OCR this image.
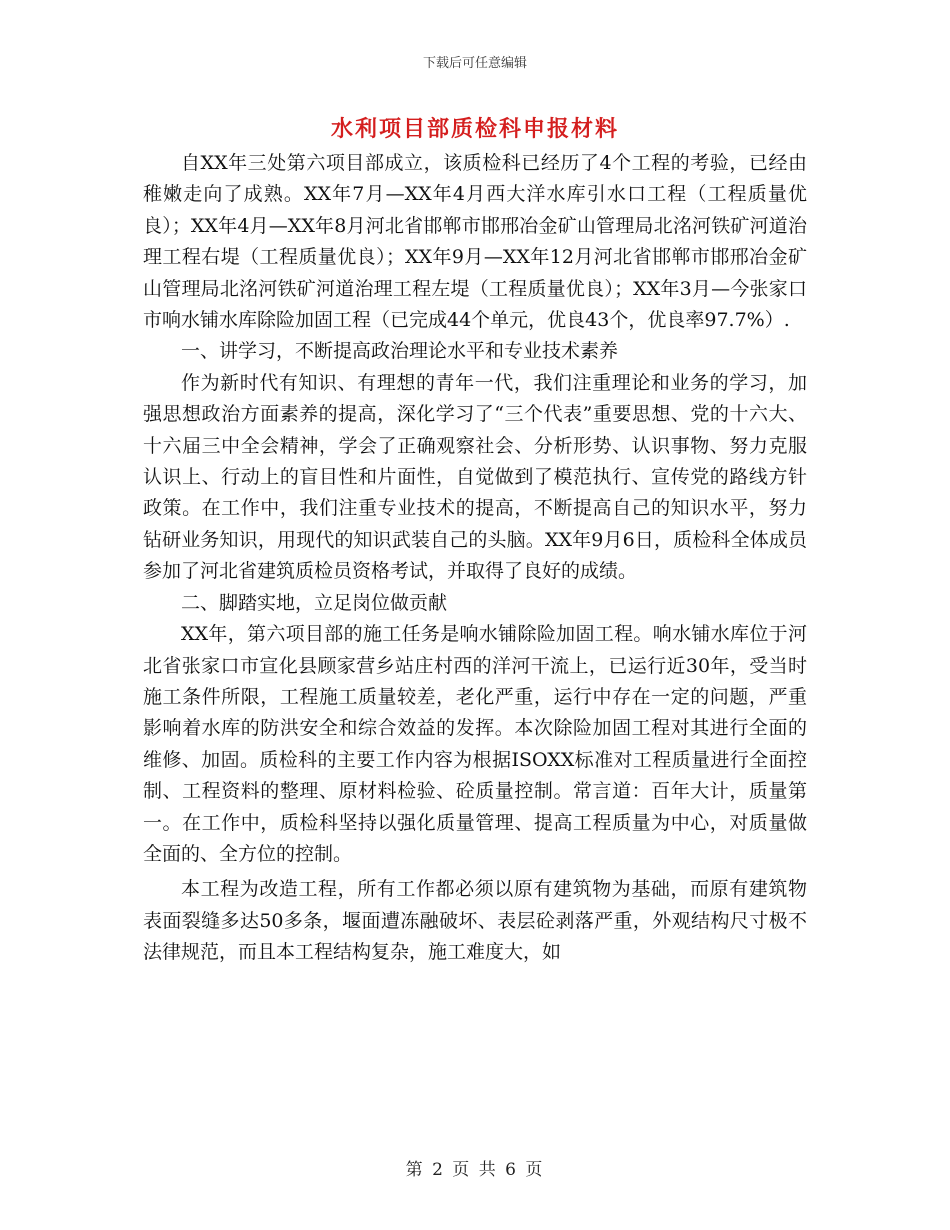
下载后可任意编辑
水利项目部质检科申报材料

自XX年三处第六项目部成立，该质检科已经历了4个工程的考验，已经由稚嫩走向了成熟。XX年7月—XX年4月西大洋水库引水口工程（工程质量优良）；XX年4月—XX年8月河北省邯郸市邯邢冶金矿山管理局北洺河铁矿河道治理工程右堤（工程质量优良）；XX年9月—XX年12月河北省邯郸市邯邢冶金矿山管理局北洺河铁矿河道治理工程左堤（工程质量优良）；XX年3月—今张家口市响水铺水库除险加固工程（已完成44个单元，优良43个，优良率97.7%）.

一、讲学习，不断提高政治理论水平和专业技术素养

作为新时代有知识、有理想的青年一代，我们注重理论和业务的学习，加强思想政治方面素养的提高，深化学习了“三个代表”重要思想、党的十六大、十六届三中全会精神，学会了正确观察社会、分析形势、认识事物、努力克服认识上、行动上的盲目性和片面性，自觉做到了模范执行、宣传党的路线方针政策。在工作中，我们注重专业技术的提高，不断提高自己的知识水平，努力钻研业务知识，用现代的知识武装自己的头脑。XX年9月6日，质检科全体成员参加了河北省建筑质检员资格考试，并取得了良好的成绩。

二、脚踏实地，立足岗位做贡献

XX年，第六项目部的施工任务是响水铺除险加固工程。响水铺水库位于河北省张家口市宣化县顾家营乡站庄村西的洋河干流上，已运行近30年，受当时施工条件所限，工程施工质量较差，老化严重，运行中存在一定的问题，严重影响着水库的防洪安全和综合效益的发挥。本次除险加固工程对其进行全面的维修、加固。质检科的主要工作内容为根据ISOXX标准对工程质量进行全面控制、工程资料的整理、原材料检验、砼质量控制。常言道：百年大计，质量第一。在工作中，质检科坚持以强化质量管理、提高工程质量为中心，对质量做全面的、全方位的控制。

本工程为改造工程，所有工作都必须以原有建筑物为基础，而原有建筑物表面裂缝多达50多条，堰面遭冻融破坏、表层砼剥落严重，外观结构尺寸极不法律规范，而且本工程结构复杂，施工难度大，如

第 2 页 共 6 页
